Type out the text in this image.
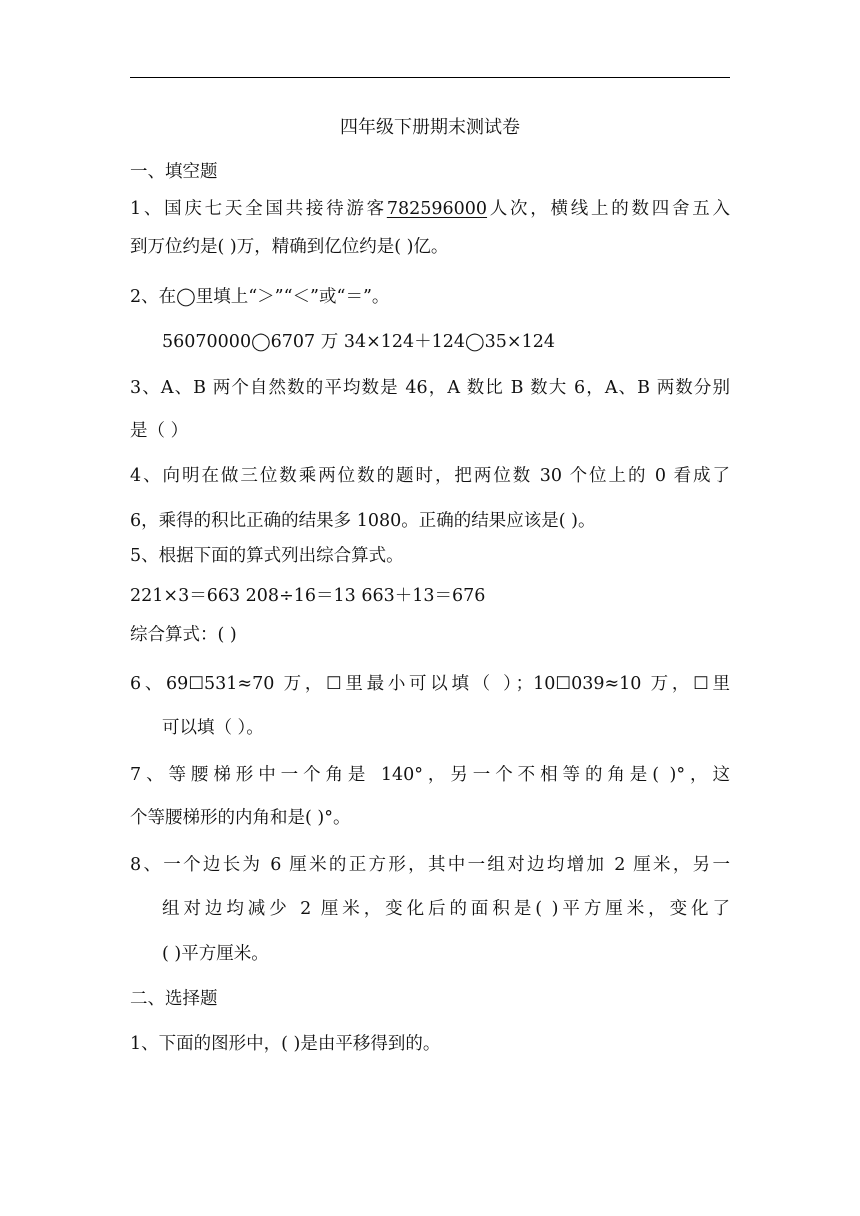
四年级下册期末测试卷
一、填空题
1、国庆七天全国共接待游客782596000人次，横线上的数四舍五入
到万位约是( )万，精确到亿位约是( )亿。
2、在◯里填上“＞”“＜”或“＝”。
56070000◯6707 万 34×124＋124◯35×124
3、A、B 两个自然数的平均数是 46，A 数比 B 数大 6，A、B 两数分别
是（ ）
4、向明在做三位数乘两位数的题时，把两位数 30 个位上的 0 看成了
6，乘得的积比正确的结果多 1080。正确的结果应该是( )。
5、根据下面的算式列出综合算式。
221×3＝663 208÷16＝13 663＋13＝676
综合算式：( )
6、69☐531≈70 万，☐里最小可以填（ ）；10☐039≈10 万，☐里
可以填（ ）。
7、等腰梯形中一个角是 140°，另一个不相等的角是( )°，这
个等腰梯形的内角和是( )°。
8、一个边长为 6 厘米的正方形，其中一组对边均增加 2 厘米，另一
组对边均减少 2 厘米，变化后的面积是( )平方厘米，变化了
( )平方厘米。
二、选择题
1、下面的图形中，( )是由平移得到的。
